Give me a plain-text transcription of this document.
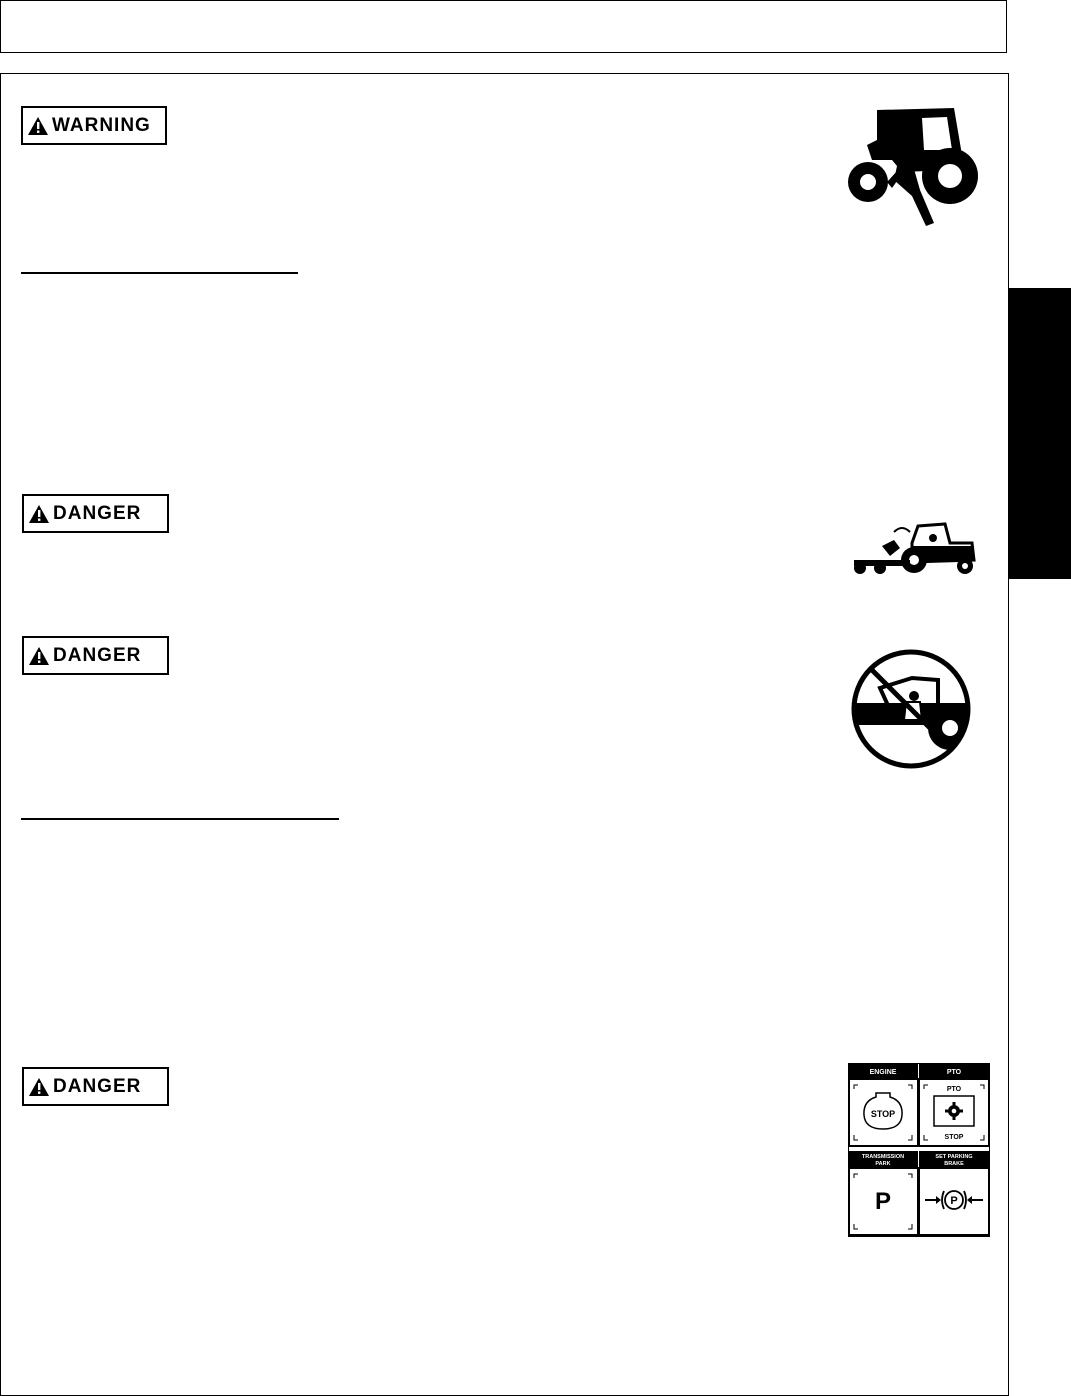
WARNING
DANGER
DANGER
DANGER
ENGINE
STOP
PTO
PTO
STOP
TRANSMISSION
PARK
P
SET PARKING
BRAKE
P
